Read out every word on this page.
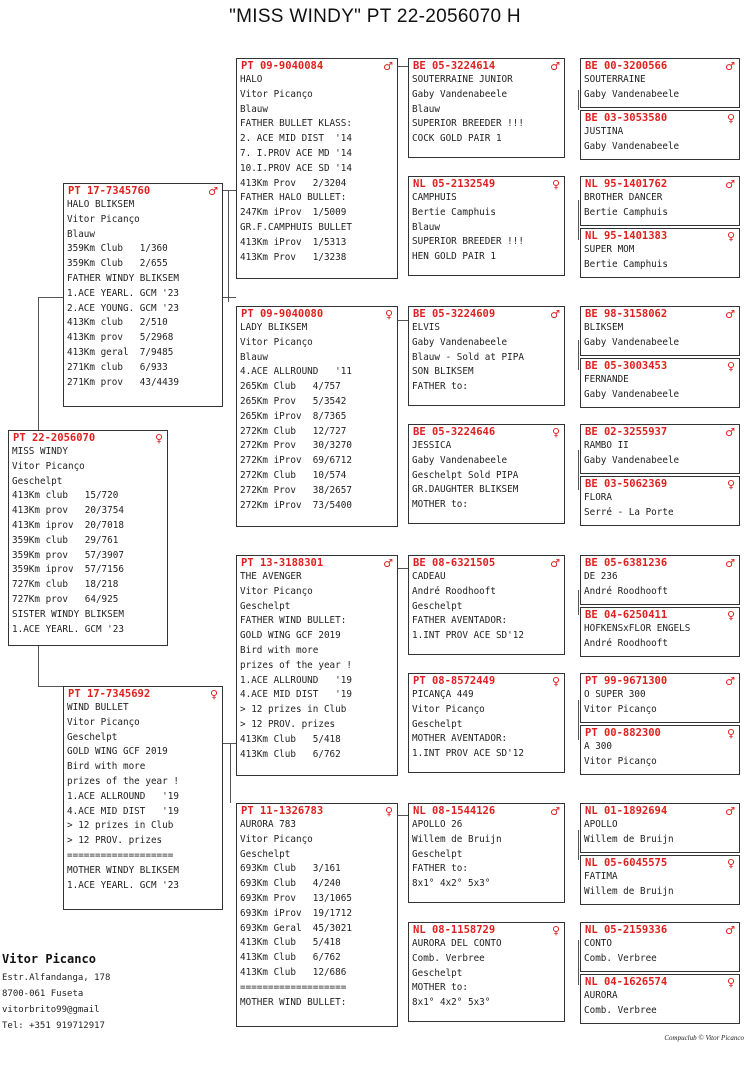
"MISS WINDY" PT 22-2056070 H
PT 22-2056070	♀
MISS WINDY
Vitor Picanço
Geschelpt
413Km club   15/720
413Km prov   20/3754
413Km iprov  20/7018
359Km club   29/761
359Km prov   57/3907
359Km iprov  57/7156
727Km club   18/218
727Km prov   64/925
SISTER WINDY BLIKSEM
1.ACE YEARL. GCM '23
PT 17-7345760	♂
HALO BLIKSEM
Vitor Picanço
Blauw
359Km Club   1/360
359Km Club   2/655
FATHER WINDY BLIKSEM
1.ACE YEARL. GCM '23
2.ACE YOUNG. GCM '23
413Km club   2/510
413Km prov   5/2968
413Km geral  7/9485
271Km club   6/933
271Km prov   43/4439
PT 17-7345692	♀
WIND BULLET
Vitor Picanço
Geschelpt
GOLD WING GCF 2019
Bird with more
prizes of the year !
1.ACE ALLROUND   '19
4.ACE MID DIST   '19
> 12 prizes in Club
> 12 PROV. prizes
===================
MOTHER WINDY BLIKSEM
1.ACE YEARL. GCM '23
PT 09-9040084	♂
HALO
Vitor Picanço
Blauw
FATHER BULLET KLASS:
2. ACE MID DIST  '14
7. I.PROV ACE MD '14
10.I.PROV ACE SD '14
413Km Prov   2/3204
FATHER HALO BULLET:
247Km iProv  1/5009
GR.F.CAMPHUIS BULLET
413Km iProv  1/5313
413Km Prov   1/3238
PT 09-9040080	♀
LADY BLIKSEM
Vitor Picanço
Blauw
4.ACE ALLROUND   '11
265Km Club   4/757
265Km Prov   5/3542
265Km iProv  8/7365
272Km Club   12/727
272Km Prov   30/3270
272Km iProv  69/6712
272Km Club   10/574
272Km Prov   38/2657
272Km iProv  73/5400
PT 13-3188301	♂
THE AVENGER
Vitor Picanço
Geschelpt
FATHER WIND BULLET:
GOLD WING GCF 2019
Bird with more
prizes of the year !
1.ACE ALLROUND   '19
4.ACE MID DIST   '19
> 12 prizes in Club
> 12 PROV. prizes
413Km Club   5/418
413Km Club   6/762
PT 11-1326783	♀
AURORA 783
Vitor Picanço
Geschelpt
693Km Club   3/161
693Km Club   4/240
693Km Prov   13/1065
693Km iProv  19/1712
693Km Geral  45/3021
413Km Club   5/418
413Km Club   6/762
413Km Club   12/686
===================
MOTHER WIND BULLET:
BE 05-3224614	♂
SOUTERRAINE JUNIOR
Gaby Vandenabeele
Blauw
SUPERIOR BREEDER !!!
COCK GOLD PAIR 1
NL 05-2132549	♀
CAMPHUIS
Bertie Camphuis
Blauw
SUPERIOR BREEDER !!!
HEN GOLD PAIR 1
BE 05-3224609	♂
ELVIS
Gaby Vandenabeele
Blauw - Sold at PIPA
SON BLIKSEM
FATHER to:
BE 05-3224646	♀
JESSICA
Gaby Vandenabeele
Geschelpt Sold PIPA
GR.DAUGHTER BLIKSEM
MOTHER to:
BE 08-6321505	♂
CADEAU
André Roodhooft
Geschelpt
FATHER AVENTADOR:
1.INT PROV ACE SD'12
PT 08-8572449	♀
PICANÇA 449
Vitor Picanço
Geschelpt
MOTHER AVENTADOR:
1.INT PROV ACE SD'12
NL 08-1544126	♂
APOLLO 26
Willem de Bruijn
Geschelpt
FATHER to:
8x1° 4x2° 5x3°
NL 08-1158729	♀
AURORA DEL CONTO
Comb. Verbree
Geschelpt
MOTHER to:
8x1° 4x2° 5x3°
BE 00-3200566	♂
SOUTERRAINE
Gaby Vandenabeele
BE 03-3053580	♀
JUSTINA
Gaby Vandenabeele
NL 95-1401762	♂
BROTHER DANCER
Bertie Camphuis
NL 95-1401383	♀
SUPER MOM
Bertie Camphuis
BE 98-3158062	♂
BLIKSEM
Gaby Vandenabeele
BE 05-3003453	♀
FERNANDE
Gaby Vandenabeele
BE 02-3255937	♂
RAMBO II
Gaby Vandenabeele
BE 03-5062369	♀
FLORA
Serré - La Porte
BE 05-6381236	♂
DE 236
André Roodhooft
BE 04-6250411	♀
HOFKENSxFLOR ENGELS
André Roodhooft
PT 99-9671300	♂
O SUPER 300
Vitor Picanço
PT 00-882300	♀
A 300
Vitor Picanço
NL 01-1892694	♂
APOLLO
Willem de Bruijn
NL 05-6045575	♀
FATIMA
Willem de Bruijn
NL 05-2159336	♂
CONTO
Comb. Verbree
NL 04-1626574	♀
AURORA
Comb. Verbree
Vitor Picanco
Estr.Alfandanga, 178
8700-061 Fuseta
vitorbrito99@gmail
Tel: +351 919712917
Compuclub © Vitor Picanco
